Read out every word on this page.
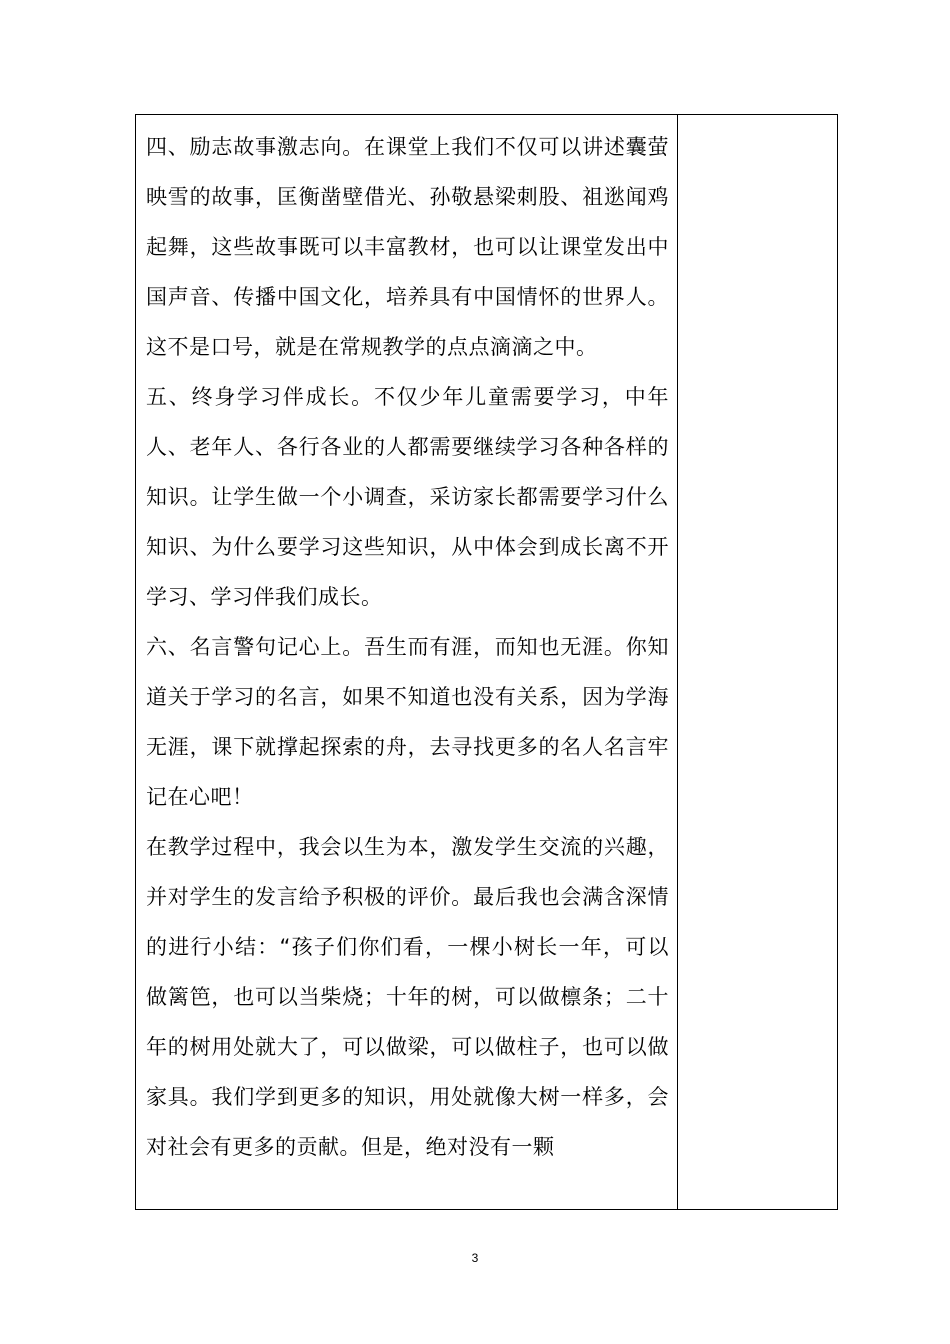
四、励志故事激志向。在课堂上我们不仅可以讲述囊萤映雪的故事，匡衡凿壁借光、孙敬悬梁刺股、祖逖闻鸡起舞，这些故事既可以丰富教材，也可以让课堂发出中国声音、传播中国文化，培养具有中国情怀的世界人。这不是口号，就是在常规教学的点点滴滴之中。

五、终身学习伴成长。不仅少年儿童需要学习，中年人、老年人、各行各业的人都需要继续学习各种各样的知识。让学生做一个小调查，采访家长都需要学习什么知识、为什么要学习这些知识，从中体会到成长离不开学习、学习伴我们成长。

六、名言警句记心上。吾生而有涯，而知也无涯。你知道关于学习的名言，如果不知道也没有关系，因为学海无涯，课下就撑起探索的舟，去寻找更多的名人名言牢记在心吧！

在教学过程中，我会以生为本，激发学生交流的兴趣，并对学生的发言给予积极的评价。最后我也会满含深情的进行小结：“孩子们你们看，一棵小树长一年，可以做篱笆，也可以当柴烧；十年的树，可以做檩条；二十年的树用处就大了，可以做梁，可以做柱子，也可以做家具。我们学到更多的知识，用处就像大树一样多，会对社会有更多的贡献。但是，绝对没有一颗

3
